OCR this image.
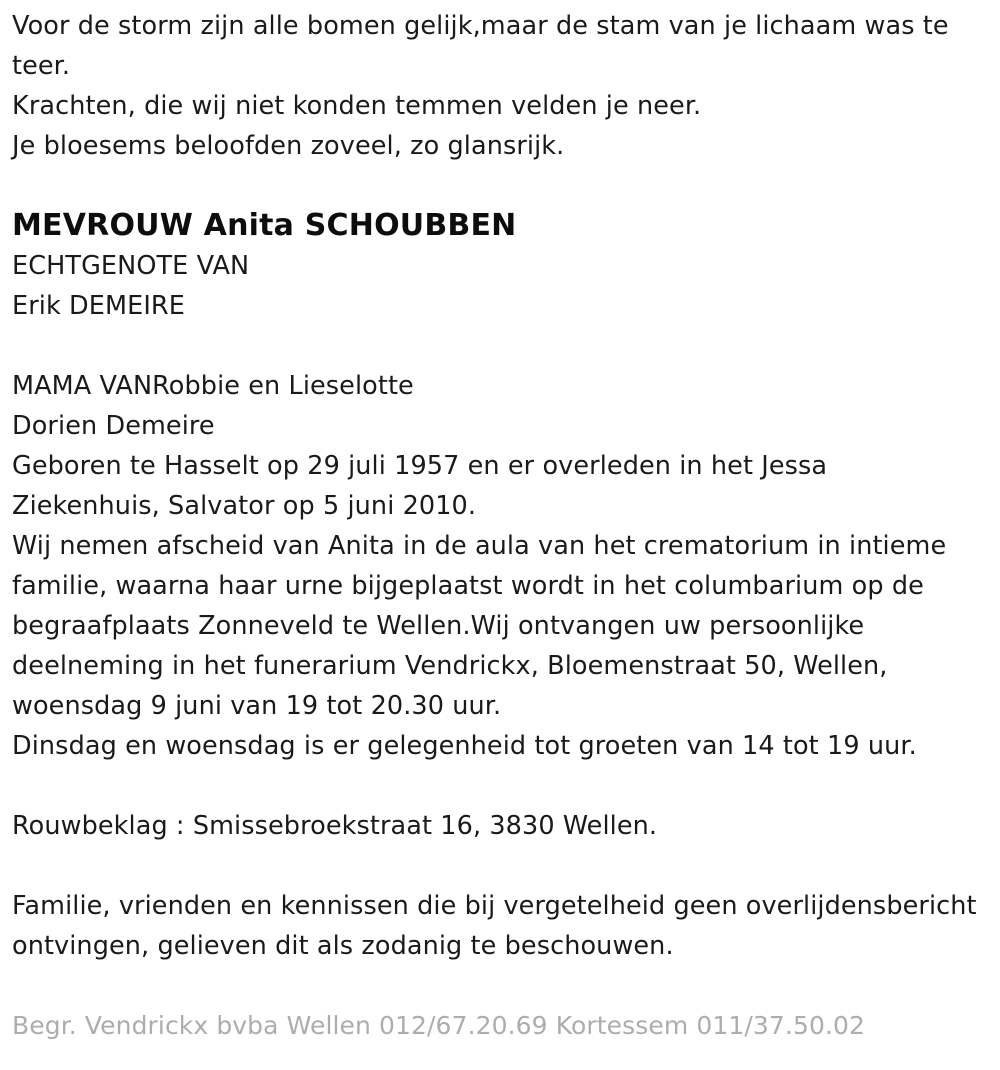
Voor de storm zijn alle bomen gelijk,maar de stam van je lichaam was te teer.
Krachten, die wij niet konden temmen velden je neer.
Je bloesems beloofden zoveel, zo glansrijk.

MEVROUW Anita SCHOUBBEN
ECHTGENOTE VAN
Erik DEMEIRE

MAMA VANRobbie en Lieselotte
Dorien Demeire
Geboren te Hasselt op 29 juli 1957 en er overleden in het Jessa
Ziekenhuis, Salvator op 5 juni 2010.
Wij nemen afscheid van Anita in de aula van het crematorium in intieme familie, waarna haar urne bijgeplaatst wordt in het columbarium op de begraafplaats Zonneveld te Wellen.Wij ontvangen uw persoonlijke deelneming in het funerarium Vendrickx, Bloemenstraat 50, Wellen, woensdag 9 juni van 19 tot 20.30 uur.
Dinsdag en woensdag is er gelegenheid tot groeten van 14 tot 19 uur.

Rouwbeklag : Smissebroekstraat 16, 3830 Wellen.

Familie, vrienden en kennissen die bij vergetelheid geen overlijdensbericht ontvingen, gelieven dit als zodanig te beschouwen.

Begr. Vendrickx bvba Wellen 012/67.20.69 Kortessem 011/37.50.02
